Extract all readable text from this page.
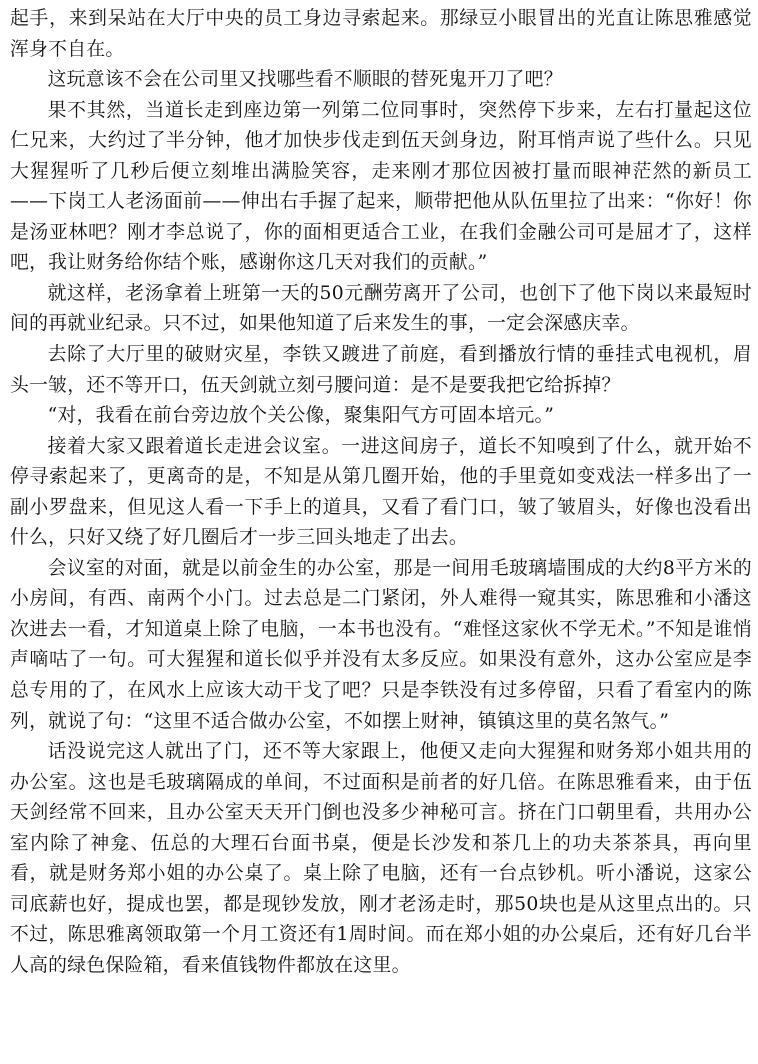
起手，来到呆站在大厅中央的员工身边寻索起来。那绿豆小眼冒出的光直让陈思雅感觉浑身不自在。

这玩意该不会在公司里又找哪些看不顺眼的替死鬼开刀了吧？

果不其然，当道长走到座边第一列第二位同事时，突然停下步来，左右打量起这位仁兄来，大约过了半分钟，他才加快步伐走到伍天剑身边，附耳悄声说了些什么。只见大猩猩听了几秒后便立刻堆出满脸笑容，走来刚才那位因被打量而眼神茫然的新员工——下岗工人老汤面前——伸出右手握了起来，顺带把他从队伍里拉了出来：“你好！你是汤亚林吧？刚才李总说了，你的面相更适合工业，在我们金融公司可是屈才了，这样吧，我让财务给你结个账，感谢你这几天对我们的贡献。”

就这样，老汤拿着上班第一天的50元酬劳离开了公司，也创下了他下岗以来最短时间的再就业纪录。只不过，如果他知道了后来发生的事，一定会深感庆幸。

去除了大厅里的破财灾星，李铁又踱进了前庭，看到播放行情的垂挂式电视机，眉头一皱，还不等开口，伍天剑就立刻弓腰问道：是不是要我把它给拆掉？

“对，我看在前台旁边放个关公像，聚集阳气方可固本培元。”

接着大家又跟着道长走进会议室。一进这间房子，道长不知嗅到了什么，就开始不停寻索起来了，更离奇的是，不知是从第几圈开始，他的手里竟如变戏法一样多出了一副小罗盘来，但见这人看一下手上的道具，又看了看门口，皱了皱眉头，好像也没看出什么，只好又绕了好几圈后才一步三回头地走了出去。

会议室的对面，就是以前金生的办公室，那是一间用毛玻璃墙围成的大约8平方米的小房间，有西、南两个小门。过去总是二门紧闭，外人难得一窥其实，陈思雅和小潘这次进去一看，才知道桌上除了电脑，一本书也没有。“难怪这家伙不学无术。”不知是谁悄声嘀咕了一句。可大猩猩和道长似乎并没有太多反应。如果没有意外，这办公室应是李总专用的了，在风水上应该大动干戈了吧？只是李铁没有过多停留，只看了看室内的陈列，就说了句：“这里不适合做办公室，不如摆上财神，镇镇这里的莫名煞气。”

话没说完这人就出了门，还不等大家跟上，他便又走向大猩猩和财务郑小姐共用的办公室。这也是毛玻璃隔成的单间，不过面积是前者的好几倍。在陈思雅看来，由于伍天剑经常不回来，且办公室天天开门倒也没多少神秘可言。挤在门口朝里看，共用办公室内除了神龛、伍总的大理石台面书桌，便是长沙发和茶几上的功夫茶茶具，再向里看，就是财务郑小姐的办公桌了。桌上除了电脑，还有一台点钞机。听小潘说，这家公司底薪也好，提成也罢，都是现钞发放，刚才老汤走时，那50块也是从这里点出的。只不过，陈思雅离领取第一个月工资还有1周时间。而在郑小姐的办公桌后，还有好几台半人高的绿色保险箱，看来值钱物件都放在这里。
